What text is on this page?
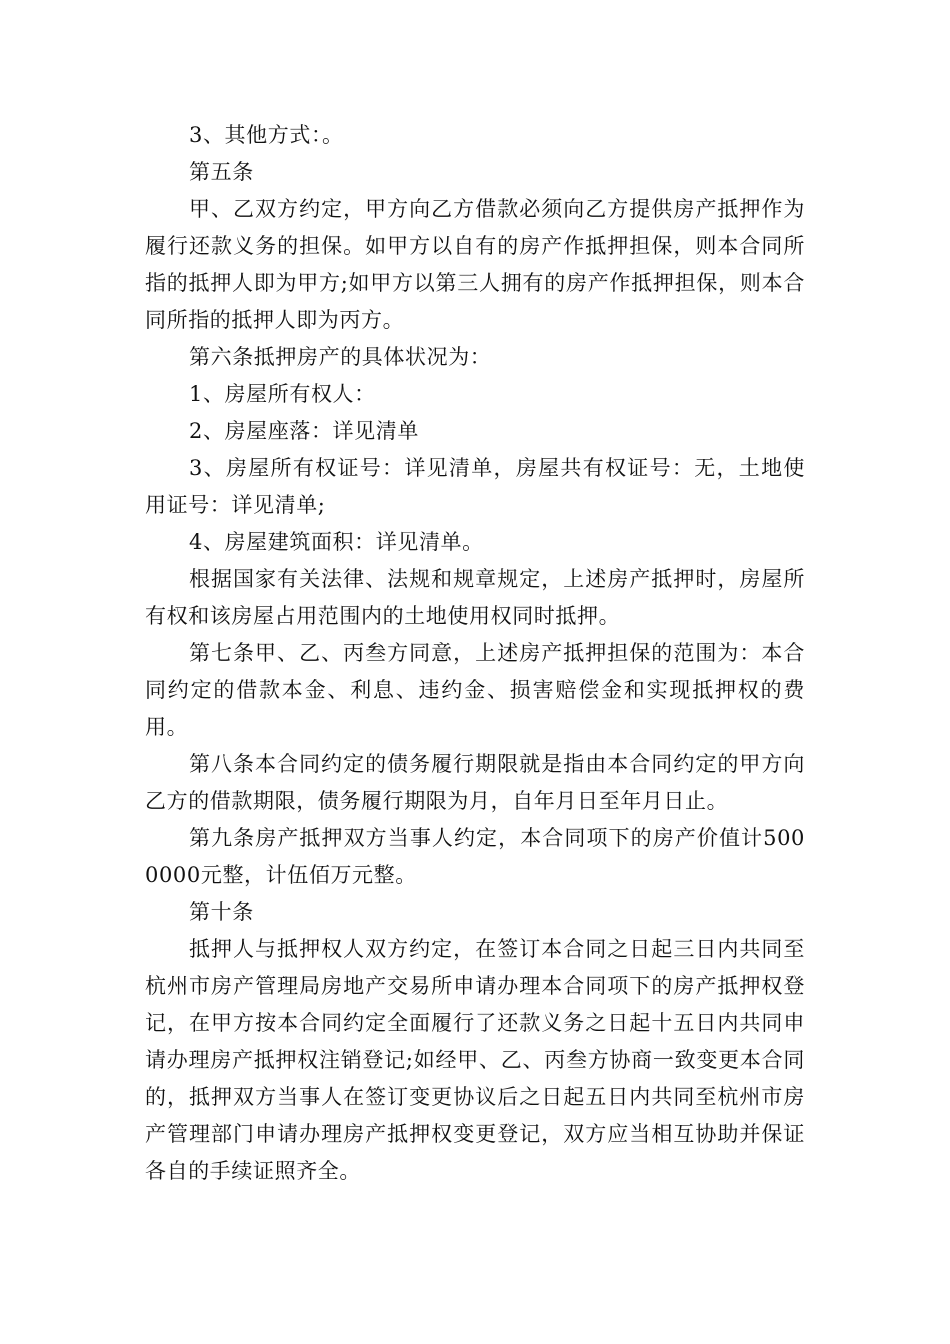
3、其他方式：。

第五条

甲、乙双方约定，甲方向乙方借款必须向乙方提供房产抵押作为履行还款义务的担保。如甲方以自有的房产作抵押担保，则本合同所指的抵押人即为甲方;如甲方以第三人拥有的房产作抵押担保，则本合同所指的抵押人即为丙方。

第六条抵押房产的具体状况为：

1、房屋所有权人：

2、房屋座落：详见清单

3、房屋所有权证号：详见清单，房屋共有权证号：无，土地使用证号：详见清单;

4、房屋建筑面积：详见清单。

根据国家有关法律、法规和规章规定，上述房产抵押时，房屋所有权和该房屋占用范围内的土地使用权同时抵押。

第七条甲、乙、丙叁方同意，上述房产抵押担保的范围为：本合同约定的借款本金、利息、违约金、损害赔偿金和实现抵押权的费用。

第八条本合同约定的债务履行期限就是指由本合同约定的甲方向乙方的借款期限，债务履行期限为月，自年月日至年月日止。

第九条房产抵押双方当事人约定，本合同项下的房产价值计5000000元整，计伍佰万元整。

第十条

抵押人与抵押权人双方约定，在签订本合同之日起三日内共同至杭州市房产管理局房地产交易所申请办理本合同项下的房产抵押权登记，在甲方按本合同约定全面履行了还款义务之日起十五日内共同申请办理房产抵押权注销登记;如经甲、乙、丙叁方协商一致变更本合同的，抵押双方当事人在签订变更协议后之日起五日内共同至杭州市房产管理部门申请办理房产抵押权变更登记，双方应当相互协助并保证各自的手续证照齐全。
